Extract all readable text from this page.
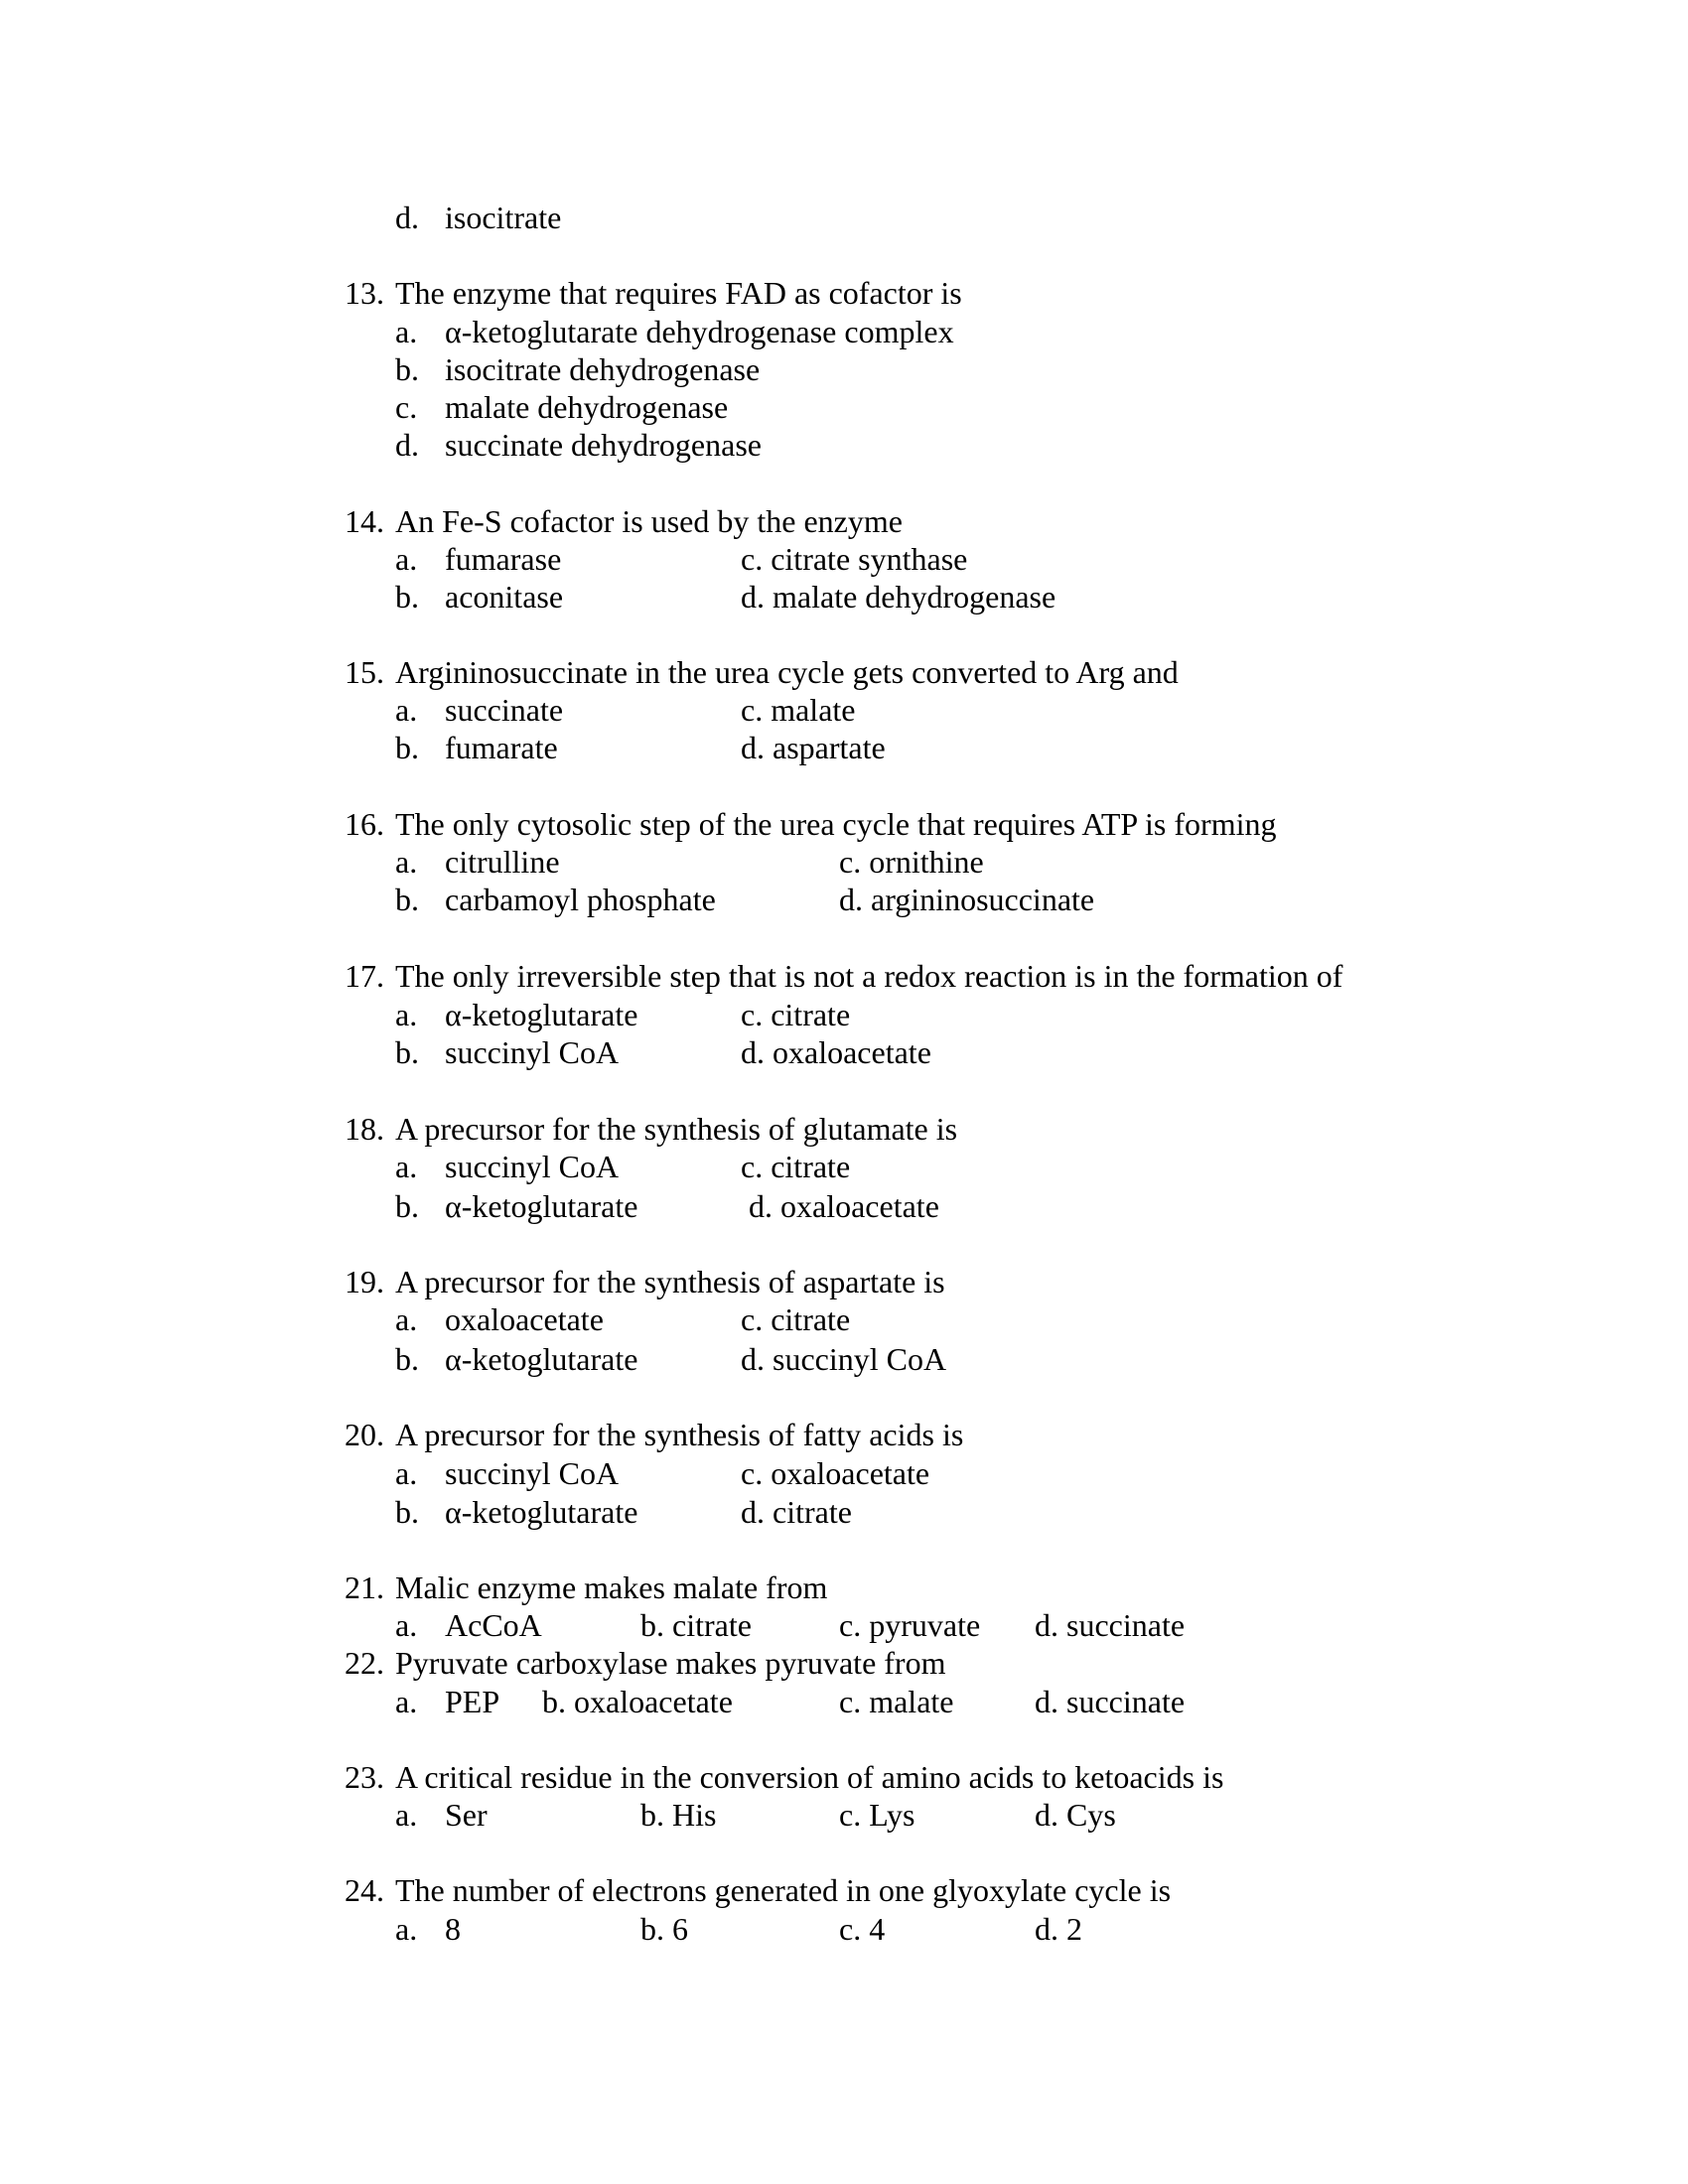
d. isocitrate
13. The enzyme that requires FAD as cofactor is
a. α-ketoglutarate dehydrogenase complex
b. isocitrate dehydrogenase
c. malate dehydrogenase
d. succinate dehydrogenase
14. An Fe-S cofactor is used by the enzyme
a. fumarase	c. citrate synthase
b. aconitase	d. malate dehydrogenase
15. Argininosuccinate in the urea cycle gets converted to Arg and
a. succinate	c. malate
b. fumarate	d. aspartate
16. The only cytosolic step of the urea cycle that requires ATP is forming
a. citrulline	c. ornithine
b. carbamoyl phosphate	d. argininosuccinate
17. The only irreversible step that is not a redox reaction is in the formation of
a. α-ketoglutarate	c. citrate
b. succinyl CoA	d. oxaloacetate
18. A precursor for the synthesis of glutamate is
a. succinyl CoA	c. citrate
b. α-ketoglutarate	d. oxaloacetate
19. A precursor for the synthesis of aspartate is
a. oxaloacetate	c. citrate
b. α-ketoglutarate	d. succinyl CoA
20. A precursor for the synthesis of fatty acids is
a. succinyl CoA	c. oxaloacetate
b. α-ketoglutarate	d. citrate
21. Malic enzyme makes malate from
a. AcCoA	b. citrate	c. pyruvate d. succinate
22. Pyruvate carboxylase makes pyruvate from
a. PEP b. oxaloacetate	c. malate	d. succinate
23. A critical residue in the conversion of amino acids to ketoacids is
a. Ser	b. His	c. Lys	d. Cys
24. The number of electrons generated in one glyoxylate cycle is
a. 8	b. 6	c. 4	d. 2
